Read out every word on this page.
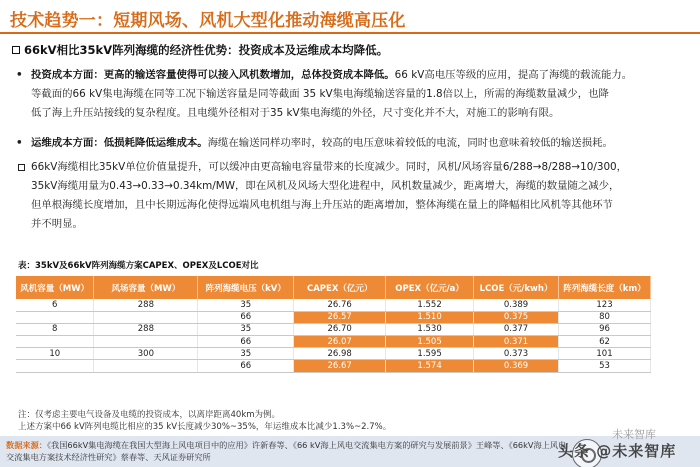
技术趋势一：短期风场、风机大型化推动海缆高压化
66kV相比35kV阵列海缆的经济性优势：投资成本及运维成本均降低。
• 投资成本方面：更高的输送容量使得可以接入风机数增加，总体投资成本降低。66 kV高电压等级的应用，提高了海缆的载流能力。
等截面的66 kV集电海缆在同等工况下输送容量是同等截面 35 kV集电海缆输送容量的1.8倍以上，所需的海缆数量减少，也降
低了海上升压站接线的复杂程度。且电缆外径相对于35 kV集电海缆的外径，尺寸变化并不大，对施工的影响有限。
• 运维成本方面：低损耗降低运维成本。海缆在输送同样功率时，较高的电压意味着较低的电流，同时也意味着较低的输送损耗。
66kV海缆相比35kV单位价值量提升，可以缓冲由更高输电容量带来的长度减少。同时，风机/风场容量6/288→8/288→10/300，
35kV海缆用量为0.43→0.33→0.34km/MW，即在风机及风场大型化进程中，风机数量减少，距离增大，海缆的数量随之减少，
但单根海缆长度增加，且中长期远海化使得远端风电机组与海上升压站的距离增加，整体海缆在量上的降幅相比风机等其他环节
并不明显。
表：35kV及66kV阵列海缆方案CAPEX、OPEX及LCOE对比
风机容量（MW）	风场容量（MW）	阵列海缆电压（kV）	CAPEX（亿元）	OPEX（亿元/a）	LCOE（元/kwh）	阵列海缆长度（km）
6	288	35	26.76	1.552	0.389	123
		66	26.57	1.510	0.375	80
8	288	35	26.70	1.530	0.377	96
		66	26.07	1.505	0.371	62
10	300	35	26.98	1.595	0.373	101
		66	26.67	1.574	0.369	53
注：仅考虑主要电气设备及电缆的投资成本，以离岸距离40km为例。
上述方案中66 kV阵列电缆比相应的35 kV长度减少30%~35%，年运维成本比减少1.3%~2.7%。
数据来源：《我国66kV集电海缆在我国大型海上风电项目中的应用》许新春等、《66 kV海上风电交流集电方案的研究与发展前景》王峰等、《66kV海上风电
交流集电方案技术经济性研究》蔡春等、天风证券研究所
未来智库
头条 @未来智库
